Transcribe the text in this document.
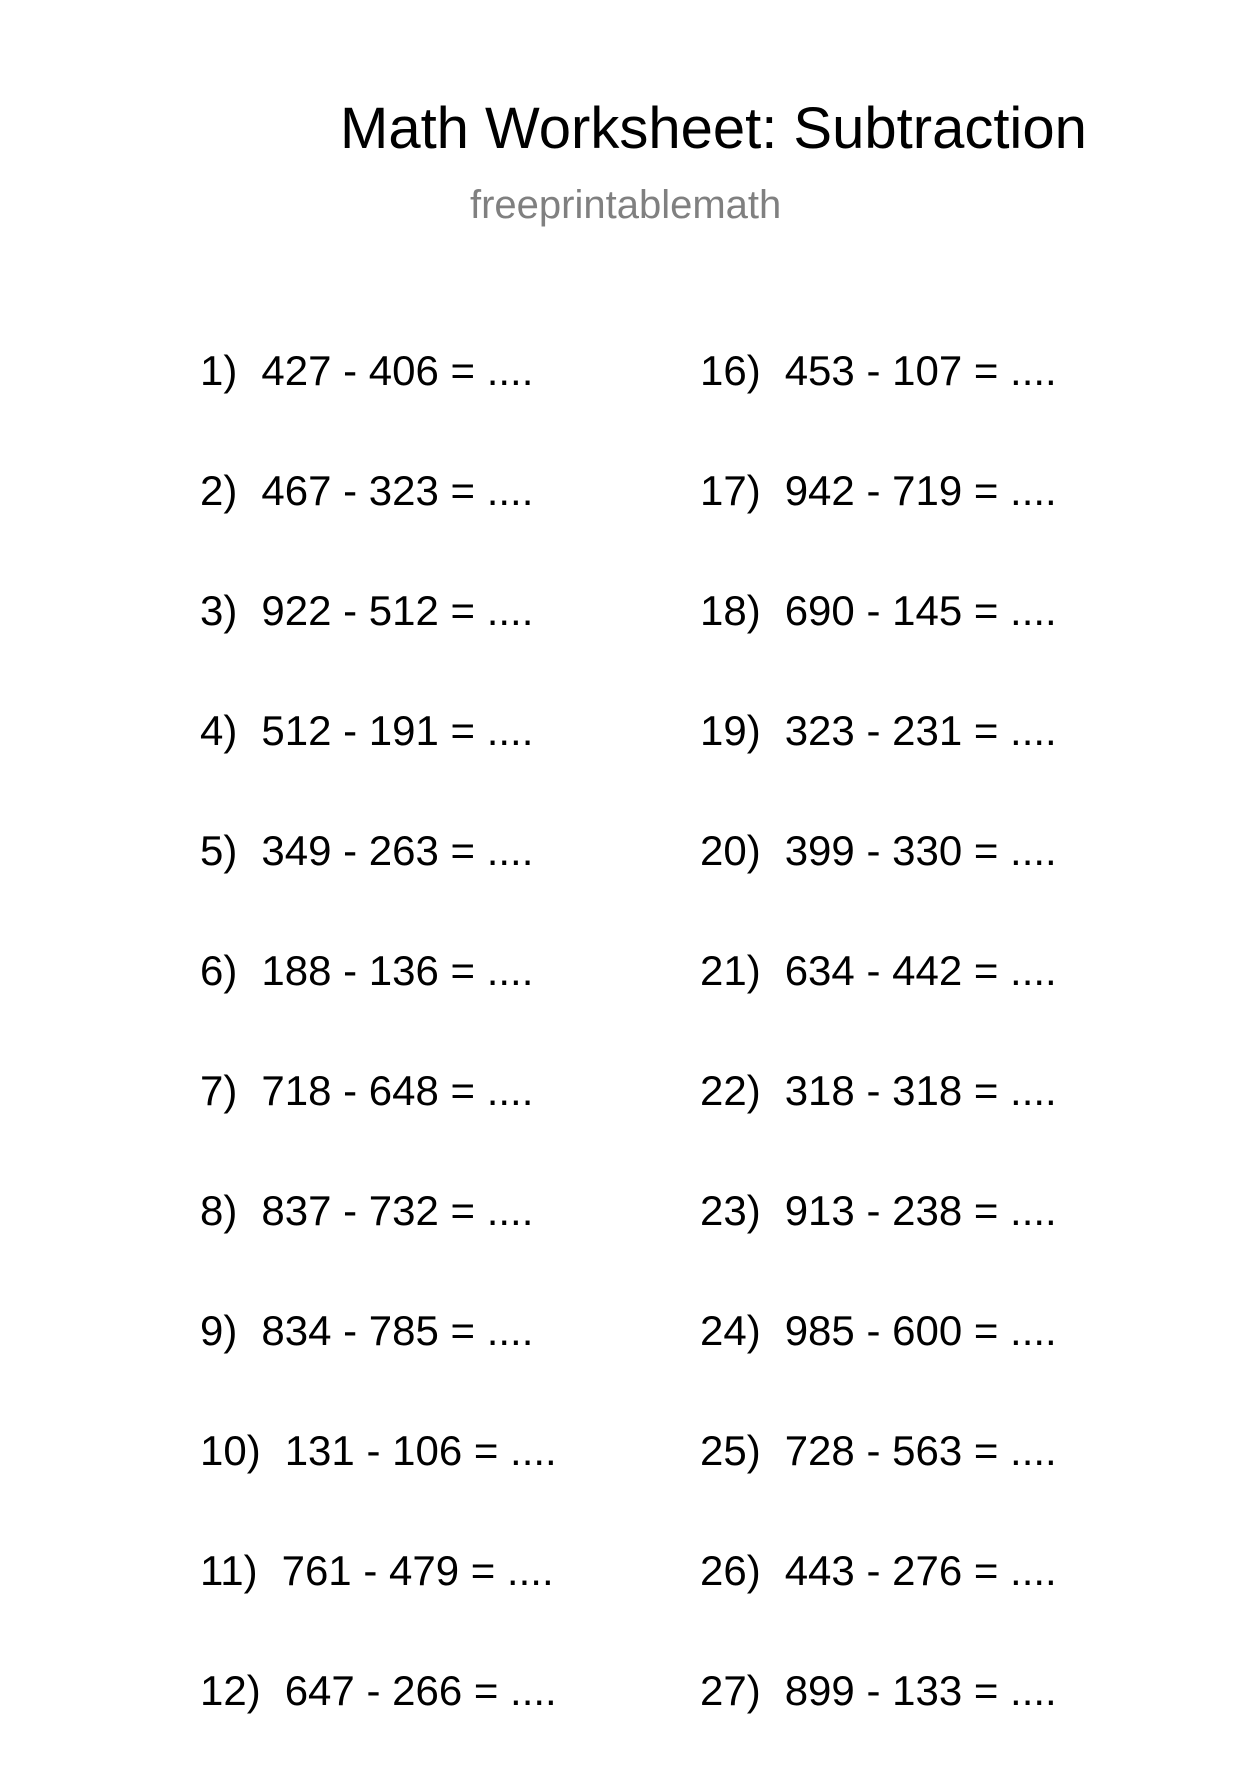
Math Worksheet: Subtraction
freeprintablemath
1) 427 - 406 = ....
2) 467 - 323 = ....
3) 922 - 512 = ....
4) 512 - 191 = ....
5) 349 - 263 = ....
6) 188 - 136 = ....
7) 718 - 648 = ....
8) 837 - 732 = ....
9) 834 - 785 = ....
10) 131 - 106 = ....
11) 761 - 479 = ....
12) 647 - 266 = ....
16) 453 - 107 = ....
17) 942 - 719 = ....
18) 690 - 145 = ....
19) 323 - 231 = ....
20) 399 - 330 = ....
21) 634 - 442 = ....
22) 318 - 318 = ....
23) 913 - 238 = ....
24) 985 - 600 = ....
25) 728 - 563 = ....
26) 443 - 276 = ....
27) 899 - 133 = ....
